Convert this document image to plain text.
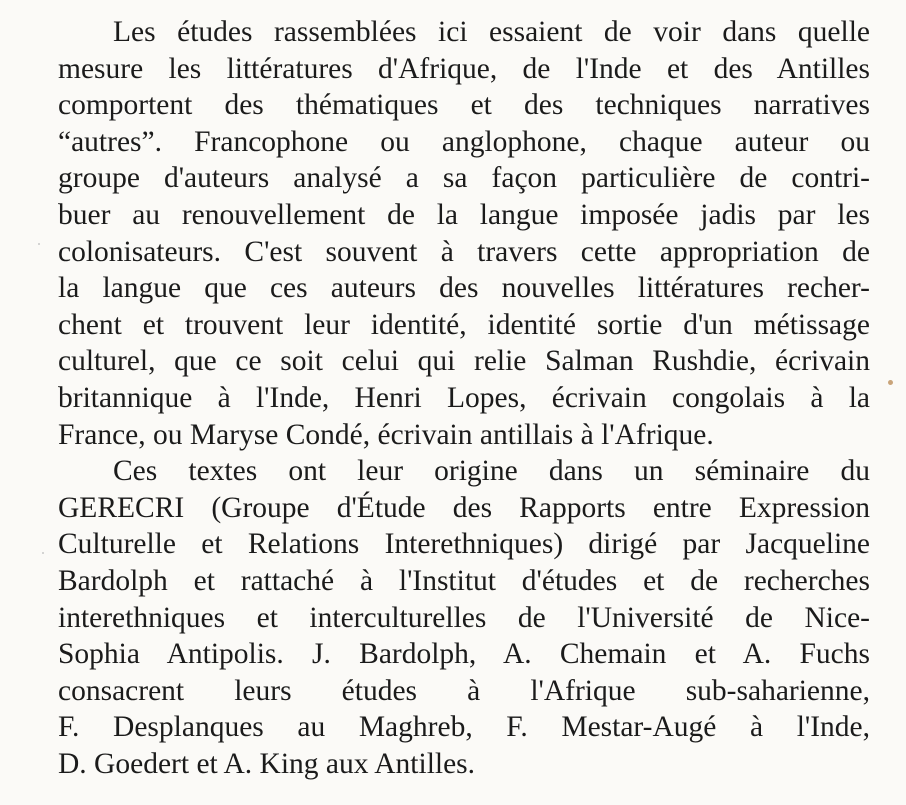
Les études rassemblées ici essaient de voir dans quelle
mesure les littératures d'Afrique, de l'Inde et des Antilles
comportent des thématiques et des techniques narratives
“autres”. Francophone ou anglophone, chaque auteur ou
groupe d'auteurs analysé a sa façon particulière de contri-
buer au renouvellement de la langue imposée jadis par les
colonisateurs. C'est souvent à travers cette appropriation de
la langue que ces auteurs des nouvelles littératures recher-
chent et trouvent leur identité, identité sortie d'un métissage
culturel, que ce soit celui qui relie Salman Rushdie, écrivain
britannique à l'Inde, Henri Lopes, écrivain congolais à la
France, ou Maryse Condé, écrivain antillais à l'Afrique.
Ces textes ont leur origine dans un séminaire du
GERECRI (Groupe d'Étude des Rapports entre Expression
Culturelle et Relations Interethniques) dirigé par Jacqueline
Bardolph et rattaché à l'Institut d'études et de recherches
interethniques et interculturelles de l'Université de Nice-
Sophia Antipolis. J. Bardolph, A. Chemain et A. Fuchs
consacrent leurs études à l'Afrique sub-saharienne,
F. Desplanques au Maghreb, F. Mestar-Augé à l'Inde,
D. Goedert et A. King aux Antilles.
